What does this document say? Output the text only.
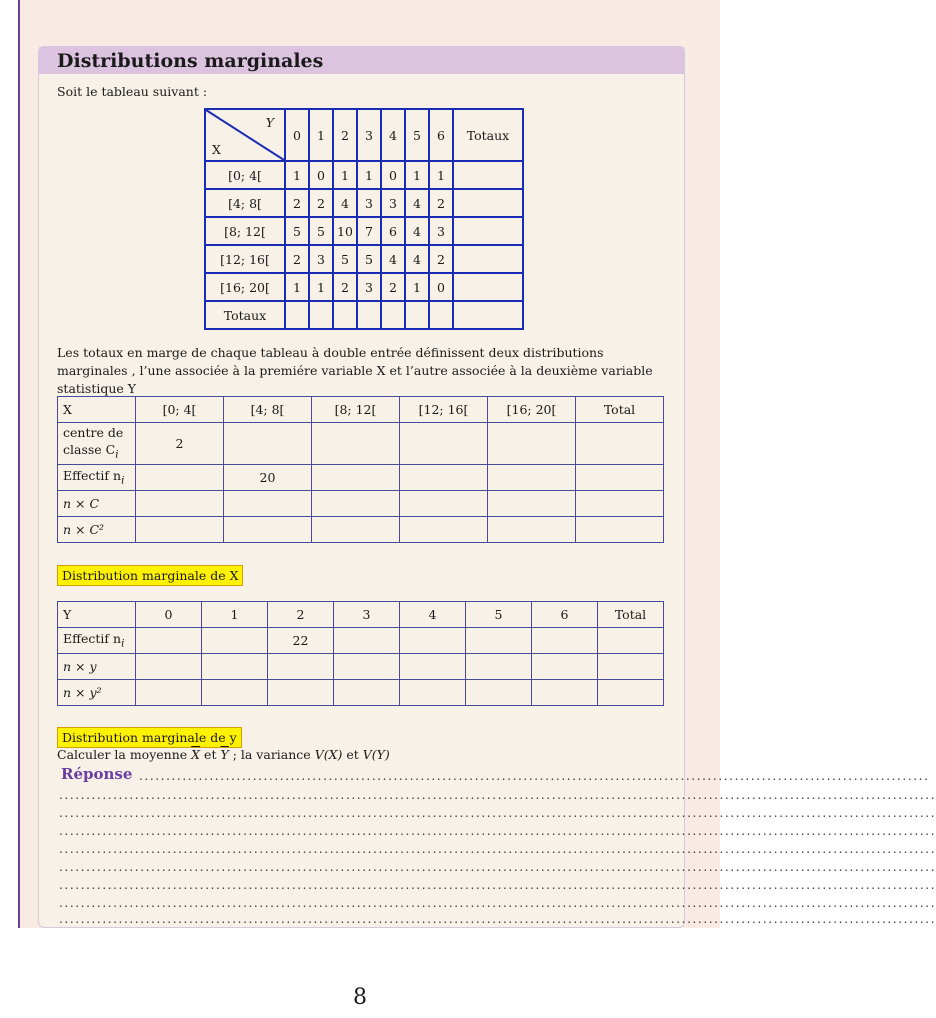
Distributions marginales
Soit le tableau suivant :
Y
X	0	1	2	3	4	5	6	Totaux
[0; 4[	1	0	1	1	0	1	1	
[4; 8[	2	2	4	3	3	4	2	
[8; 12[	5	5	10	7	6	4	3	
[12; 16[	2	3	5	5	4	4	2	
[16; 20[	1	1	2	3	2	1	0	
Totaux								
Les totaux en marge de chaque tableau à double entrée définissent deux distributions marginales , l’une associée à la premiére variable X et l’autre associée à la deuxième variable statistique Y
X	[0; 4[	[4; 8[	[8; 12[	[12; 16[	[16; 20[	Total
centre de classe $C_i$	2					
Effectif $n_i$		20				
n × C						
n × C²						
Distribution marginale de X
Y	0	1	2	3	4	5	6	Total
Effectif $n_i$			22					
n × y								
n × y²								
Distribution marginale de y
Calculer la moyenne $\overline{X}$ et $\overline{Y}$ ; la variance V(X) et V(Y)
Réponse ..................................................................................................................................................
..................................................................................................................................................................
..................................................................................................................................................................
..................................................................................................................................................................
..................................................................................................................................................................
..................................................................................................................................................................
..................................................................................................................................................................
..................................................................................................................................................................
..................................................................................................................................................................
8
